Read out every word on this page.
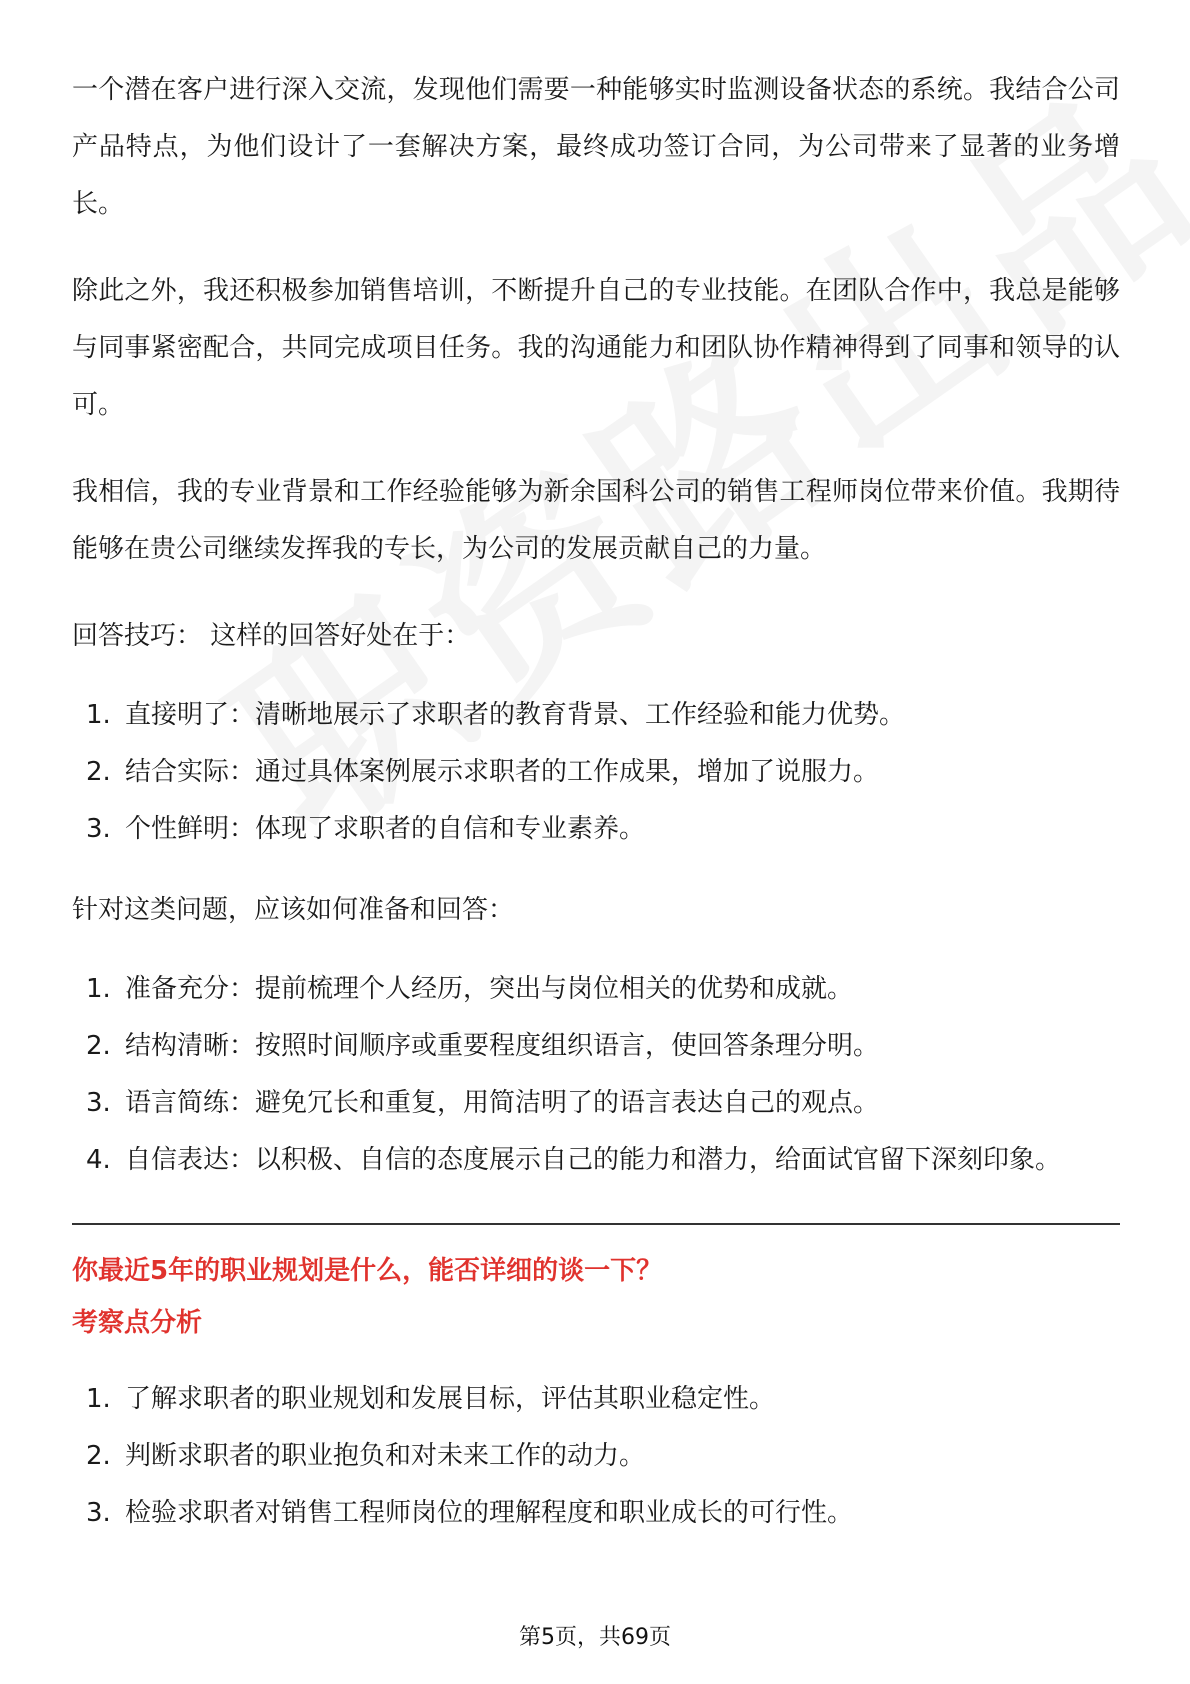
一个潜在客户进行深入交流，发现他们需要一种能够实时监测设备状态的系统。我结合公司产品特点，为他们设计了一套解决方案，最终成功签订合同，为公司带来了显著的业务增长。

除此之外，我还积极参加销售培训，不断提升自己的专业技能。在团队合作中，我总是能够与同事紧密配合，共同完成项目任务。我的沟通能力和团队协作精神得到了同事和领导的认可。

我相信，我的专业背景和工作经验能够为新余国科公司的销售工程师岗位带来价值。我期待能够在贵公司继续发挥我的专长，为公司的发展贡献自己的力量。

回答技巧： 这样的回答好处在于：

1. 直接明了：清晰地展示了求职者的教育背景、工作经验和能力优势。
2. 结合实际：通过具体案例展示求职者的工作成果，增加了说服力。
3. 个性鲜明：体现了求职者的自信和专业素养。

针对这类问题，应该如何准备和回答：

1. 准备充分：提前梳理个人经历，突出与岗位相关的优势和成就。
2. 结构清晰：按照时间顺序或重要程度组织语言，使回答条理分明。
3. 语言简练：避免冗长和重复，用简洁明了的语言表达自己的观点。
4. 自信表达：以积极、自信的态度展示自己的能力和潜力，给面试官留下深刻印象。

你最近5年的职业规划是什么，能否详细的谈一下？

考察点分析

1. 了解求职者的职业规划和发展目标，评估其职业稳定性。
2. 判断求职者的职业抱负和对未来工作的动力。
3. 检验求职者对销售工程师岗位的理解程度和职业成长的可行性。
第5页，共69页
